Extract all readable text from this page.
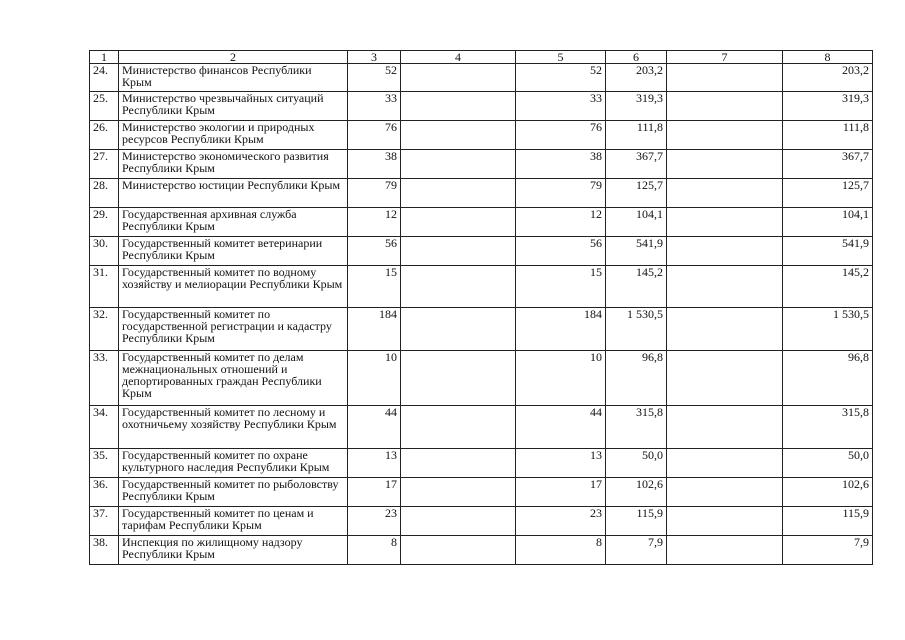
1	2	3	4	5	6	7	8
24.	Министерство финансов Республики Крым	52		52	203,2		203,2
25.	Министерство чрезвычайных ситуаций Республики Крым	33		33	319,3		319,3
26.	Министерство экологии и природных ресурсов Республики Крым	76		76	111,8		111,8
27.	Министерство экономического развития Республики Крым	38		38	367,7		367,7
28.	Министерство юстиции Республики Крым	79		79	125,7		125,7
29.	Государственная архивная служба Республики Крым	12		12	104,1		104,1
30.	Государственный комитет ветеринарии Республики Крым	56		56	541,9		541,9
31.	Государственный комитет по водному хозяйству и мелиорации Республики Крым	15		15	145,2		145,2
32.	Государственный комитет по государственной регистрации и кадастру Республики Крым	184		184	1 530,5		1 530,5
33.	Государственный комитет по делам межнациональных отношений и депортированных граждан Республики Крым	10		10	96,8		96,8
34.	Государственный комитет по лесному и охотничьему хозяйству Республики Крым	44		44	315,8		315,8
35.	Государственный комитет по охране культурного наследия Республики Крым	13		13	50,0		50,0
36.	Государственный комитет по рыболовству Республики Крым	17		17	102,6		102,6
37.	Государственный комитет по ценам и тарифам Республики Крым	23		23	115,9		115,9
38.	Инспекция по жилищному надзору Республики Крым	8		8	7,9		7,9
